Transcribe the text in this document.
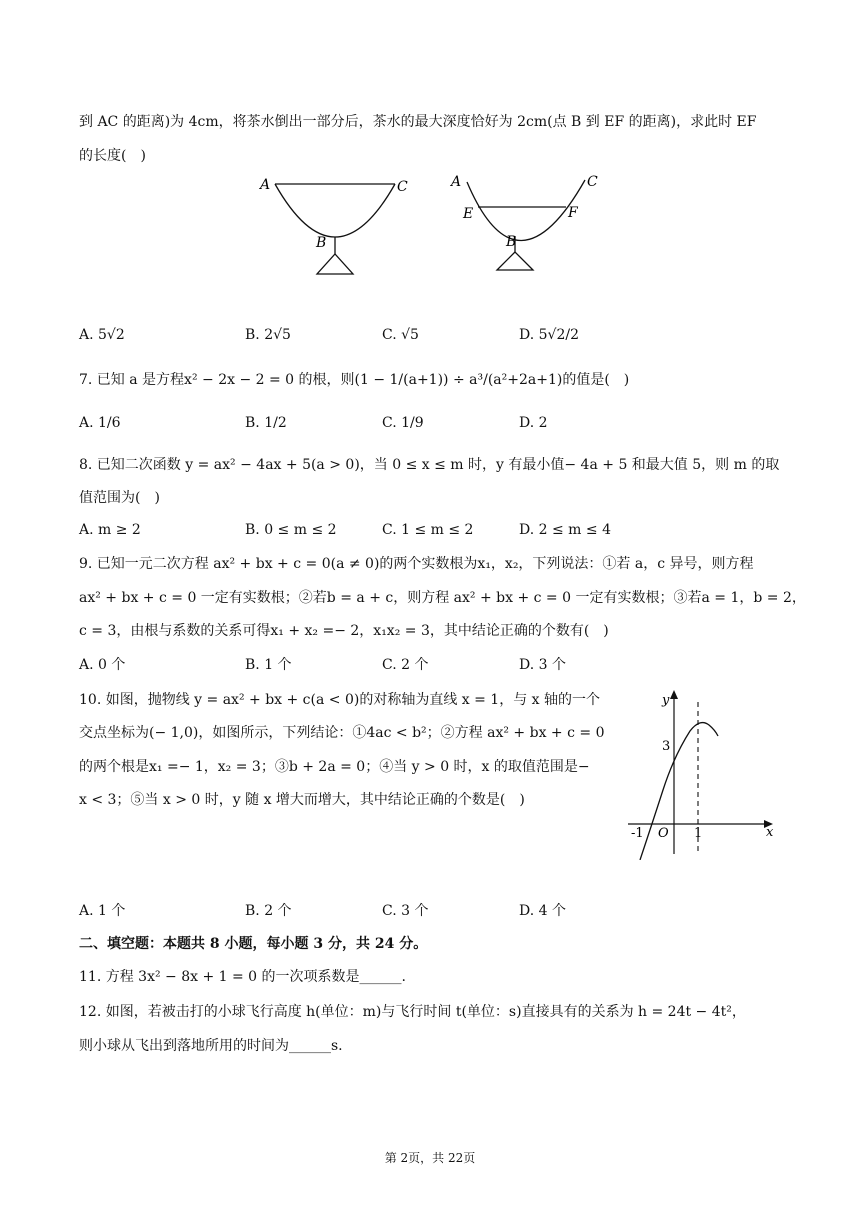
到 AC 的距离)为 4cm，将茶水倒出一部分后，茶水的最大深度恰好为 2cm(点 B 到 EF 的距离)，求此时 EF
的长度(　)
A	C
B
A	C
E	F
B
A. 5√2	B. 2√5	C. √5	D. 5√2/2
7. 已知 a 是方程x² − 2x − 2 = 0 的根，则(1 − 1/(a+1)) ÷ a³/(a²+2a+1)的值是(　)
A. 1/6	B. 1/2	C. 1/9	D. 2
8. 已知二次函数 y = ax² − 4ax + 5(a > 0)，当 0 ≤ x ≤ m 时，y 有最小值− 4a + 5 和最大值 5，则 m 的取
值范围为(　)
A. m ≥ 2	B. 0 ≤ m ≤ 2	C. 1 ≤ m ≤ 2	D. 2 ≤ m ≤ 4
9. 已知一元二次方程 ax² + bx + c = 0(a ≠ 0)的两个实数根为x₁，x₂，下列说法：①若 a，c 异号，则方程
ax² + bx + c = 0 一定有实数根；②若b = a + c，则方程 ax² + bx + c = 0 一定有实数根；③若a = 1，b = 2，
c = 3，由根与系数的关系可得x₁ + x₂ =− 2，x₁x₂ = 3，其中结论正确的个数有(　)
A. 0 个	B. 1 个	C. 2 个	D. 3 个
10. 如图，抛物线 y = ax² + bx + c(a < 0)的对称轴为直线 x = 1，与 x 轴的一个
交点坐标为(− 1,0)，如图所示，下列结论：①4ac < b²；②方程 ax² + bx + c = 0
的两个根是x₁ =− 1，x₂ = 3；③b + 2a = 0；④当 y > 0 时，x 的取值范围是−
x < 3；⑤当 x > 0 时，y 随 x 增大而增大，其中结论正确的个数是(　)
y
x
3
-1 O 1
A. 1 个	B. 2 个	C. 3 个	D. 4 个
二、填空题：本题共 8 小题，每小题 3 分，共 24 分。
11. 方程 3x² − 8x + 1 = 0 的一次项系数是______.
12. 如图，若被击打的小球飞行高度 h(单位：m)与飞行时间 t(单位：s)直接具有的关系为 h = 24t − 4t²，
则小球从飞出到落地所用的时间为______s.
第 2页，共 22页
